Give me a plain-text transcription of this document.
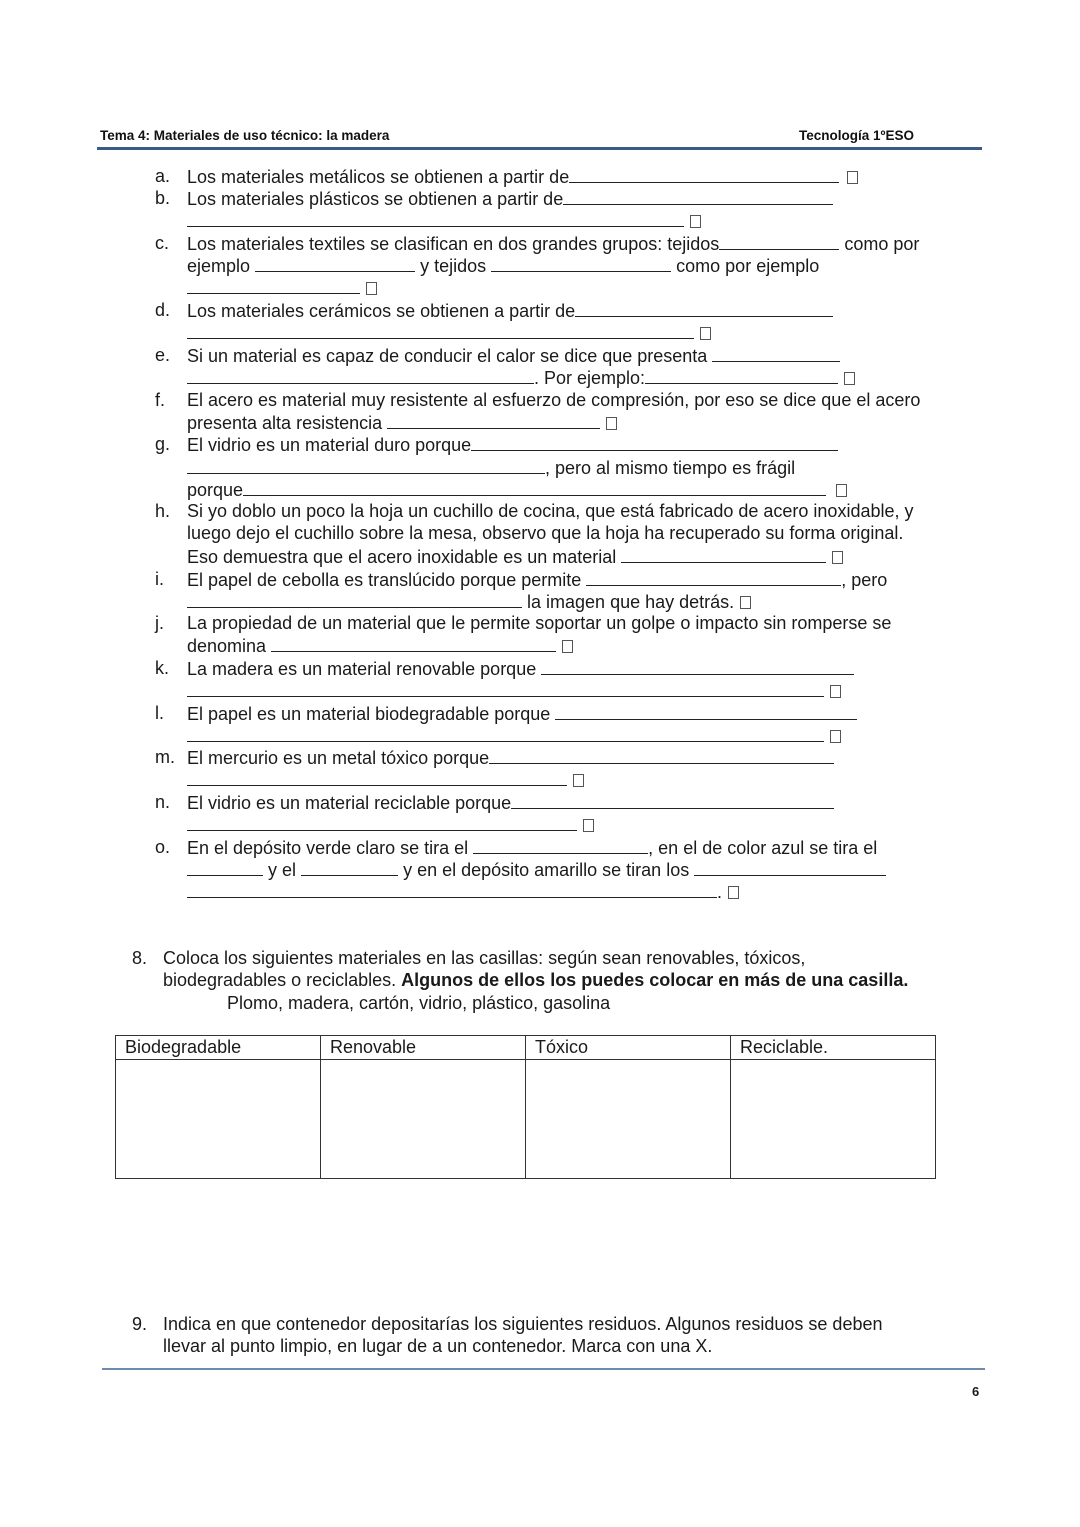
Tema 4: Materiales de uso técnico: la madera	Tecnología 1ºESO
a. Los materiales metálicos se obtienen a partir de
b. Los materiales plásticos se obtienen a partir de
c. Los materiales textiles se clasifican en dos grandes grupos: tejidos	como por
ejemplo	y tejidos	como por ejemplo
d. Los materiales cerámicos se obtienen a partir de
e. Si un material es capaz de conducir el calor se dice que presenta
. Por ejemplo:
f.	El acero es material muy resistente al esfuerzo de compresión, por eso se dice que el acero
presenta alta resistencia
g. El vidrio es un material duro porque
, pero al mismo tiempo es frágil
porque
h. Si yo doblo un poco la hoja un cuchillo de cocina, que está fabricado de acero inoxidable, y
luego dejo el cuchillo sobre la mesa, observo que la hoja ha recuperado su forma original.
Eso demuestra que el acero inoxidable es un material
i.	El papel de cebolla es translúcido porque permite	, pero
la imagen que hay detrás.
j.	La propiedad de un material que le permite soportar un golpe o impacto sin romperse se
denomina
k. La madera es un material renovable porque
l.	El papel es un material biodegradable porque
m. El mercurio es un metal tóxico porque
n. El vidrio es un material reciclable porque
o. En el depósito verde claro se tira el	, en el de color azul se tira el
y el	y en el depósito amarillo se tiran los
.
8. Coloca los siguientes materiales en las casillas: según sean renovables, tóxicos,
biodegradables o reciclables. Algunos de ellos los puedes colocar en más de una casilla.
Plomo, madera, cartón, vidrio, plástico, gasolina
Biodegradable	Renovable	Tóxico	Reciclable.

9. Indica en que contenedor depositarías los siguientes residuos. Algunos residuos se deben
llevar al punto limpio, en lugar de a un contenedor. Marca con una X.
6
